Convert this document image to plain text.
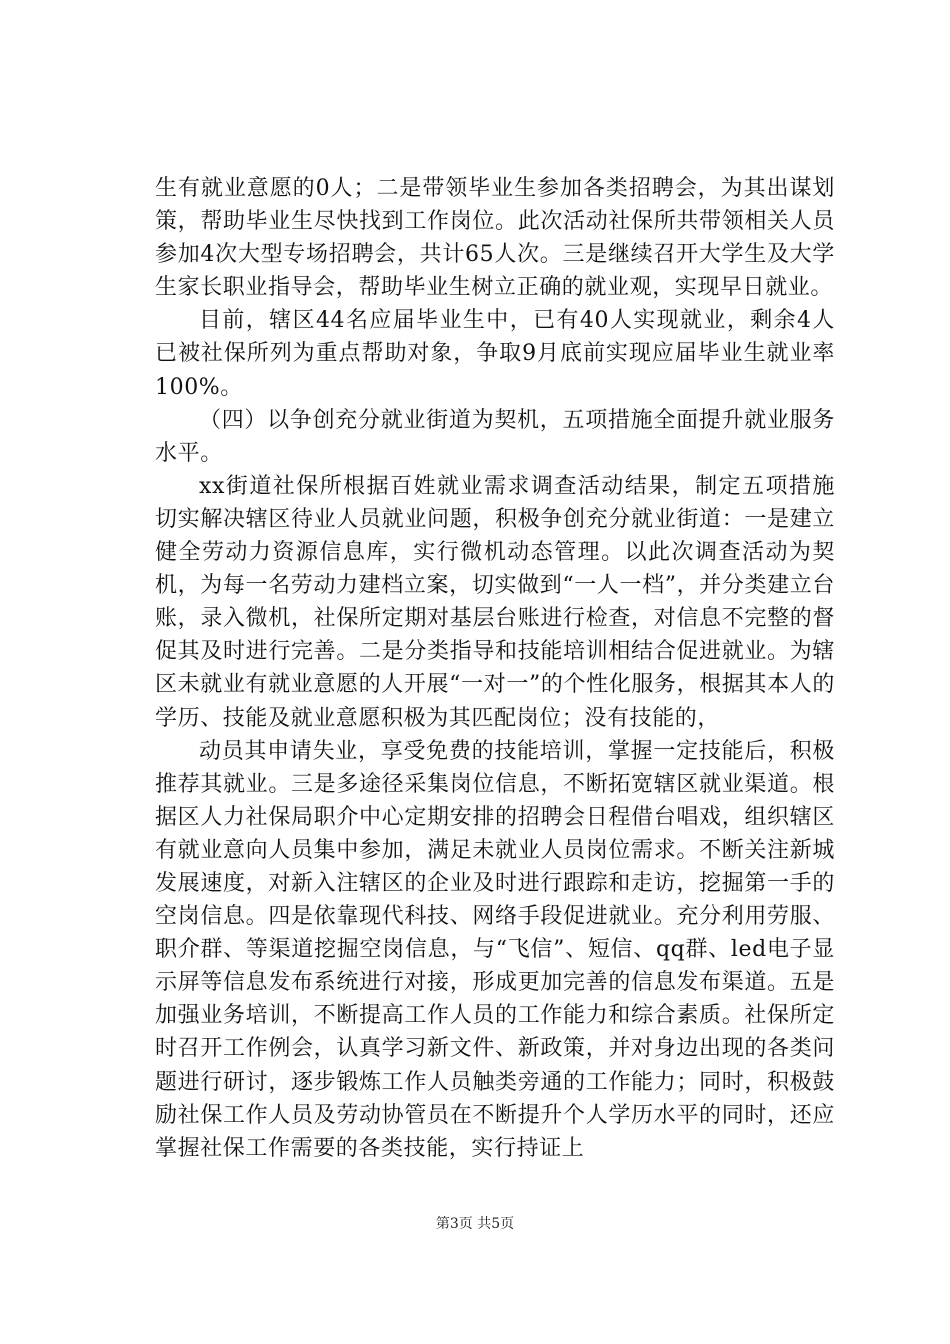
生有就业意愿的0人；二是带领毕业生参加各类招聘会，为其出谋划策，帮助毕业生尽快找到工作岗位。此次活动社保所共带领相关人员参加4次大型专场招聘会，共计65人次。三是继续召开大学生及大学生家长职业指导会，帮助毕业生树立正确的就业观，实现早日就业。

目前，辖区44名应届毕业生中，已有40人实现就业，剩余4人已被社保所列为重点帮助对象，争取9月底前实现应届毕业生就业率100%。

（四）以争创充分就业街道为契机，五项措施全面提升就业服务水平。

xx街道社保所根据百姓就业需求调查活动结果，制定五项措施切实解决辖区待业人员就业问题，积极争创充分就业街道：一是建立健全劳动力资源信息库，实行微机动态管理。以此次调查活动为契机，为每一名劳动力建档立案，切实做到“一人一档”，并分类建立台账，录入微机，社保所定期对基层台账进行检查，对信息不完整的督促其及时进行完善。二是分类指导和技能培训相结合促进就业。为辖区未就业有就业意愿的人开展“一对一”的个性化服务，根据其本人的学历、技能及就业意愿积极为其匹配岗位；没有技能的，

动员其申请失业，享受免费的技能培训，掌握一定技能后，积极推荐其就业。三是多途径采集岗位信息，不断拓宽辖区就业渠道。根据区人力社保局职介中心定期安排的招聘会日程借台唱戏，组织辖区有就业意向人员集中参加，满足未就业人员岗位需求。不断关注新城发展速度，对新入注辖区的企业及时进行跟踪和走访，挖掘第一手的空岗信息。四是依靠现代科技、网络手段促进就业。充分利用劳服、职介群、等渠道挖掘空岗信息，与“飞信”、短信、qq群、led电子显示屏等信息发布系统进行对接，形成更加完善的信息发布渠道。五是加强业务培训，不断提高工作人员的工作能力和综合素质。社保所定时召开工作例会，认真学习新文件、新政策，并对身边出现的各类问题进行研讨，逐步锻炼工作人员触类旁通的工作能力；同时，积极鼓励社保工作人员及劳动协管员在不断提升个人学历水平的同时，还应掌握社保工作需要的各类技能，实行持证上

第3页 共5页
